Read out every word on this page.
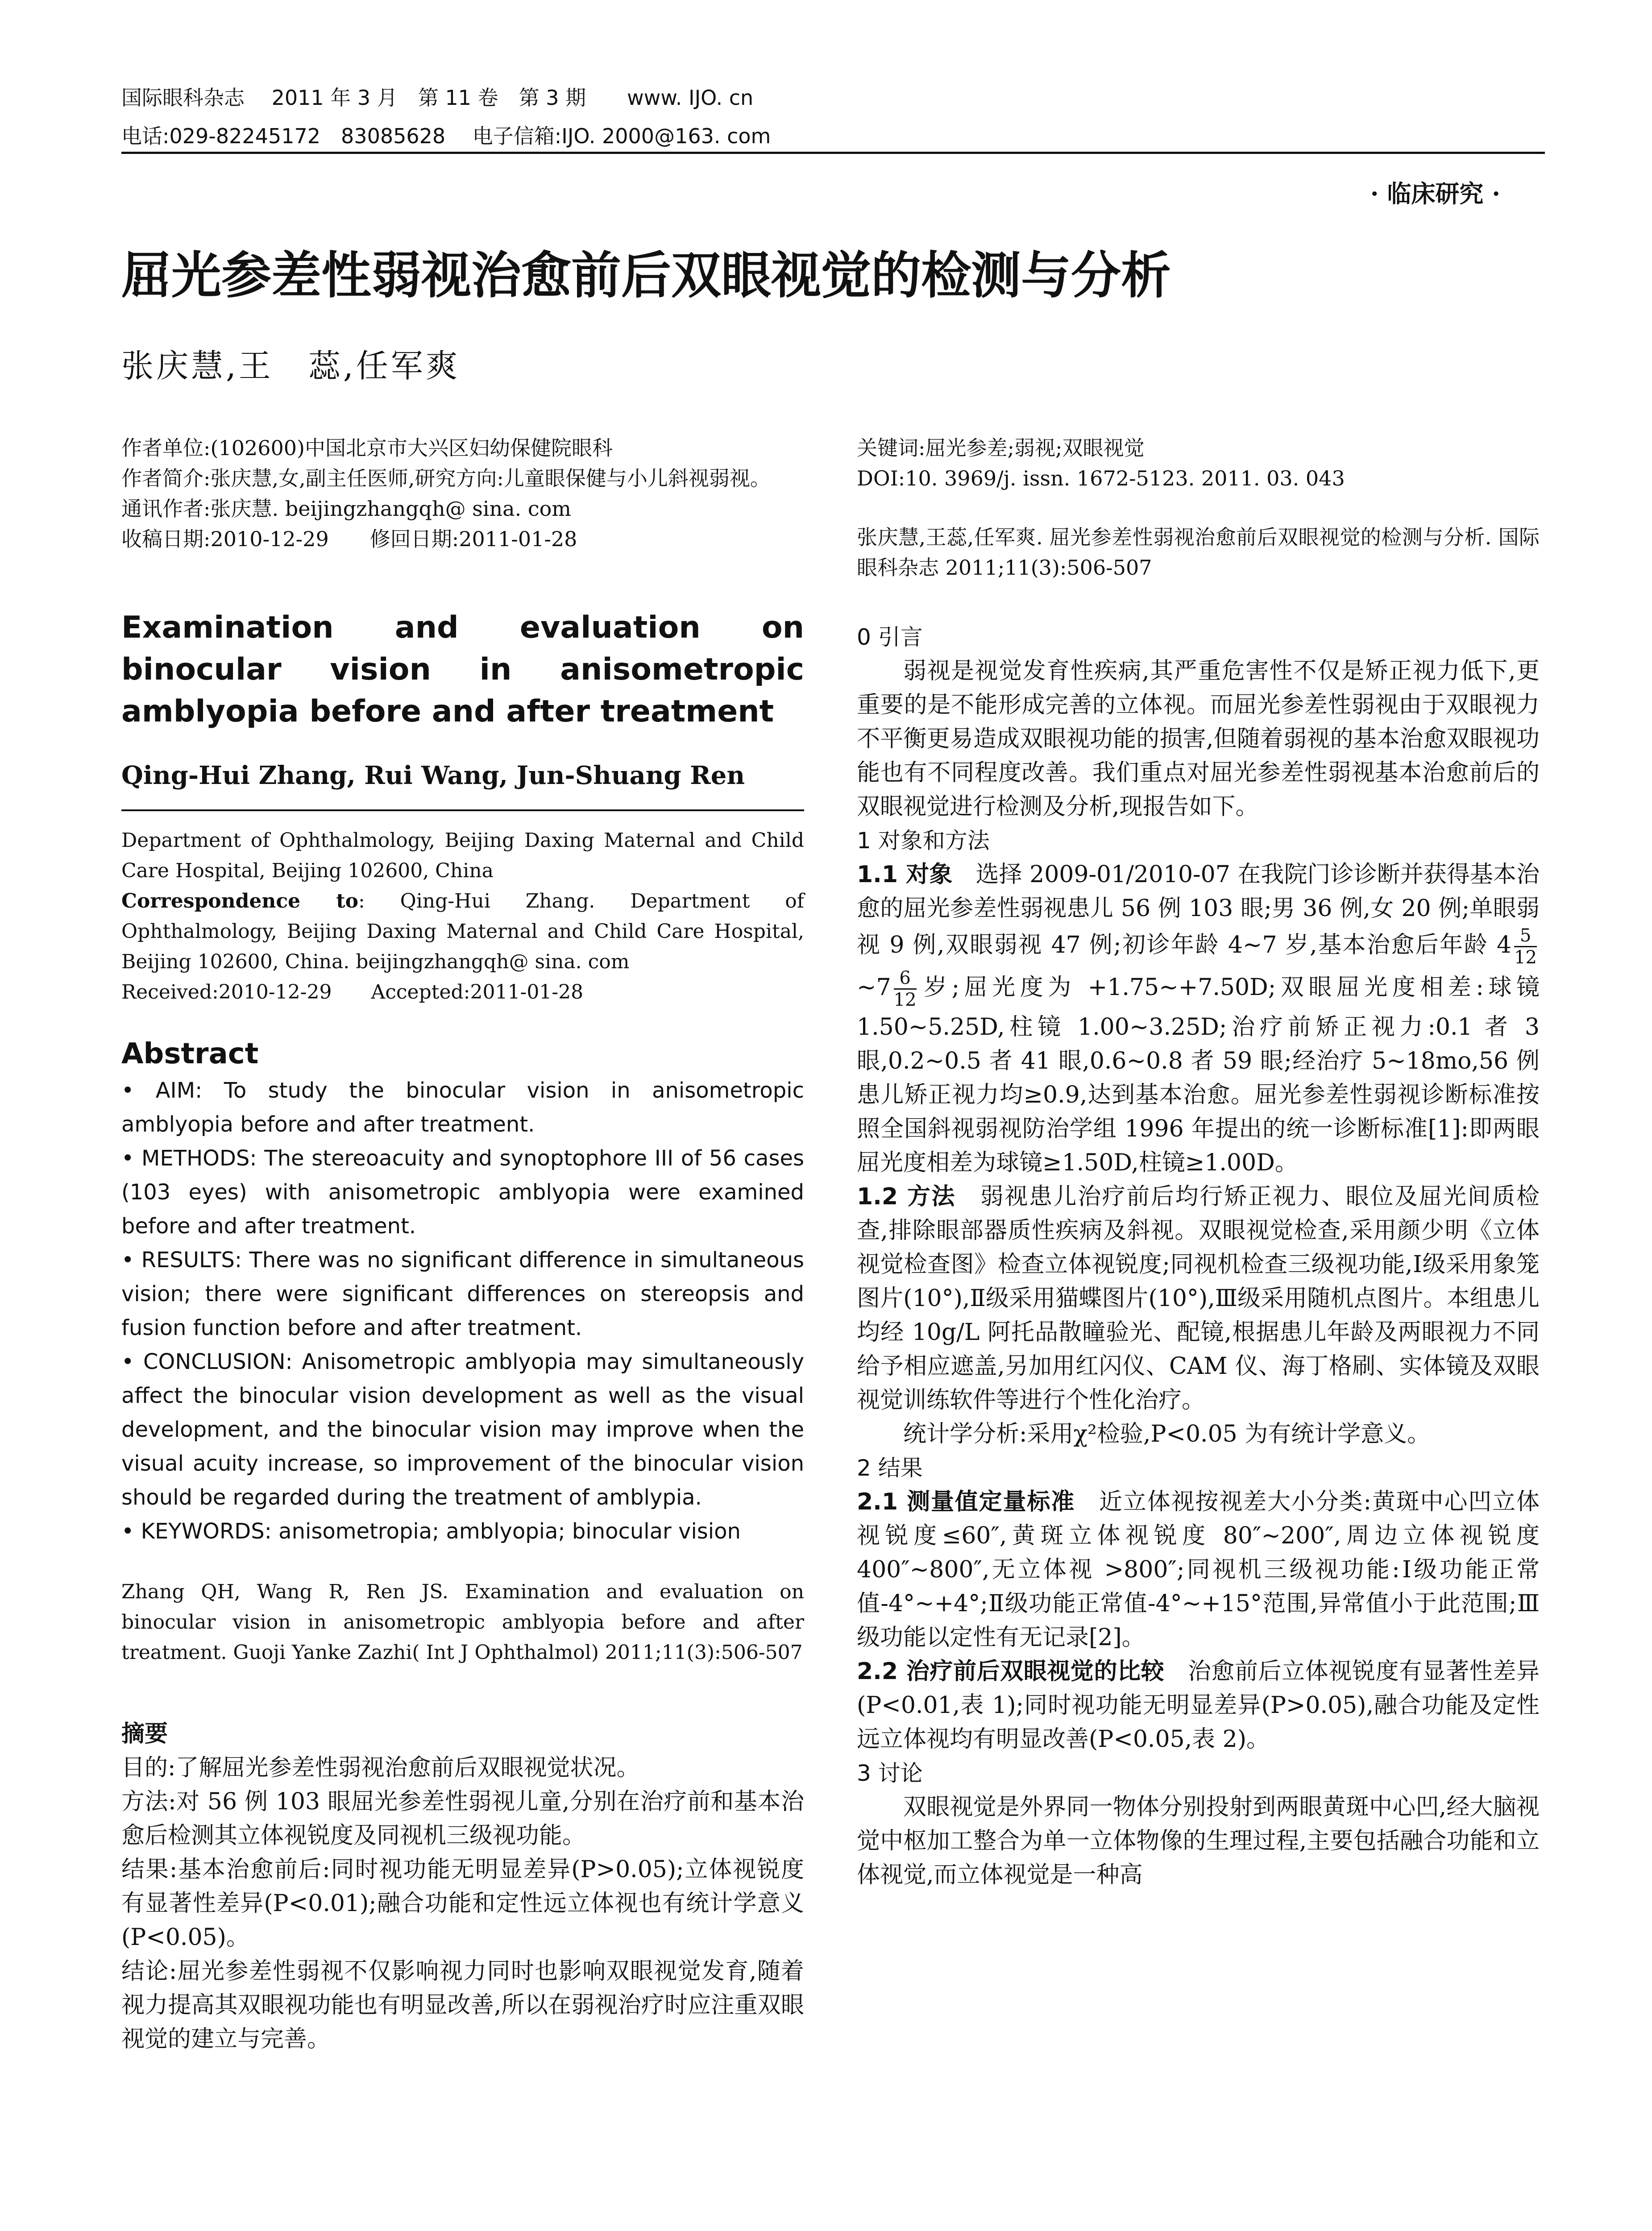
国际眼科杂志　 2011 年 3 月　第 11 卷　第 3 期　　www. IJO. cn
电话:029-82245172　83085628　 电子信箱:IJO. 2000@163. com
· 临床研究 ·
屈光参差性弱视治愈前后双眼视觉的检测与分析
张庆慧,王　蕊,任军爽

作者单位:(102600)中国北京市大兴区妇幼保健院眼科

作者简介:张庆慧,女,副主任医师,研究方向:儿童眼保健与小儿斜视弱视。

通讯作者:张庆慧. beijingzhangqh@ sina. com

收稿日期:2010-12-29　　修回日期:2011-01-28

Examination and evaluation on binocular vision in anisometropic amblyopia before and after treatment
Qing-Hui Zhang, Rui Wang, Jun-Shuang Ren

Department of Ophthalmology, Beijing Daxing Maternal and Child Care Hospital, Beijing 102600, China

Correspondence to: Qing-Hui Zhang. Department of Ophthalmology, Beijing Daxing Maternal and Child Care Hospital, Beijing 102600, China. beijingzhangqh@ sina. com

Received:2010-12-29　　Accepted:2011-01-28

Abstract

• AIM: To study the binocular vision in anisometropic amblyopia before and after treatment.

• METHODS: The stereoacuity and synoptophore III of 56 cases (103 eyes) with anisometropic amblyopia were examined before and after treatment.

• RESULTS: There was no significant difference in simultaneous vision; there were significant differences on stereopsis and fusion function before and after treatment.

• CONCLUSION: Anisometropic amblyopia may simultaneously affect the binocular vision development as well as the visual development, and the binocular vision may improve when the visual acuity increase, so improvement of the binocular vision should be regarded during the treatment of amblypia.

• KEYWORDS: anisometropia; amblyopia; binocular vision

Zhang QH, Wang R, Ren JS. Examination and evaluation on binocular vision in anisometropic amblyopia before and after treatment. Guoji Yanke Zazhi( Int J Ophthalmol) 2011;11(3):506-507
摘要

目的:了解屈光参差性弱视治愈前后双眼视觉状况。

方法:对 56 例 103 眼屈光参差性弱视儿童,分别在治疗前和基本治愈后检测其立体视锐度及同视机三级视功能。

结果:基本治愈前后:同时视功能无明显差异(P>0.05);立体视锐度有显著性差异(P<0.01);融合功能和定性远立体视也有统计学意义(P<0.05)。

结论:屈光参差性弱视不仅影响视力同时也影响双眼视觉发育,随着视力提高其双眼视功能也有明显改善,所以在弱视治疗时应注重双眼视觉的建立与完善。

关键词:屈光参差;弱视;双眼视觉

DOI:10. 3969/j. issn. 1672-5123. 2011. 03. 043

张庆慧,王蕊,任军爽. 屈光参差性弱视治愈前后双眼视觉的检测与分析. 国际眼科杂志 2011;11(3):506-507

0 引言

弱视是视觉发育性疾病,其严重危害性不仅是矫正视力低下,更重要的是不能形成完善的立体视。而屈光参差性弱视由于双眼视力不平衡更易造成双眼视功能的损害,但随着弱视的基本治愈双眼视功能也有不同程度改善。我们重点对屈光参差性弱视基本治愈前后的双眼视觉进行检测及分析,现报告如下。

1 对象和方法

1.1 对象　 选择 2009-01/2010-07 在我院门诊诊断并获得基本治愈的屈光参差性弱视患儿 56 例 103 眼;男 36 例,女 20 例;单眼弱视 9 例,双眼弱视 47 例;初诊年龄 4~7 岁,基本治愈后年龄 $4 \frac{5}{12}$
~7 $\frac{6}{12}$ 岁;屈光度为 +1.75~+7.50D;双眼屈光度相差:球镜 1.50~5.25D,柱镜 1.00~3.25D;治疗前矫正视力:0.1 者 3 眼,0.2~0.5 者 41 眼,0.6~0.8 者 59 眼;经治疗 5~18mo,56 例患儿矫正视力均≥0.9,达到基本治愈。屈光参差性弱视诊断标准按照全国斜视弱视防治学组 1996 年提出的统一诊断标准[1]:即两眼屈光度相差为球镜≥1.50D,柱镜≥1.00D。

1.2 方法　 弱视患儿治疗前后均行矫正视力、眼位及屈光间质检查,排除眼部器质性疾病及斜视。双眼视觉检查,采用颜少明《立体视觉检查图》检查立体视锐度;同视机检查三级视功能,Ⅰ级采用象笼图片(10°),Ⅱ级采用猫蝶图片(10°),Ⅲ级采用随机点图片。本组患儿均经 10g/L 阿托品散瞳验光、配镜,根据患儿年龄及两眼视力不同给予相应遮盖,另加用红闪仪、CAM 仪、海丁格刷、实体镜及双眼视觉训练软件等进行个性化治疗。

统计学分析:采用χ²检验,P<0.05 为有统计学意义。

2 结果

2.1 测量值定量标准　 近立体视按视差大小分类:黄斑中心凹立体视锐度≤60″,黄斑立体视锐度 80″~200″,周边立体视锐度 400″~800″,无立体视 >800″;同视机三级视功能:Ⅰ级功能正常值-4°~+4°;Ⅱ级功能正常值-4°~+15°范围,异常值小于此范围;Ⅲ级功能以定性有无记录[2]。

2.2 治疗前后双眼视觉的比较　 治愈前后立体视锐度有显著性差异(P<0.01,表 1);同时视功能无明显差异(P>0.05),融合功能及定性远立体视均有明显改善(P<0.05,表 2)。

3 讨论

双眼视觉是外界同一物体分别投射到两眼黄斑中心凹,经大脑视觉中枢加工整合为单一立体物像的生理过程,主要包括融合功能和立体视觉,而立体视觉是一种高
